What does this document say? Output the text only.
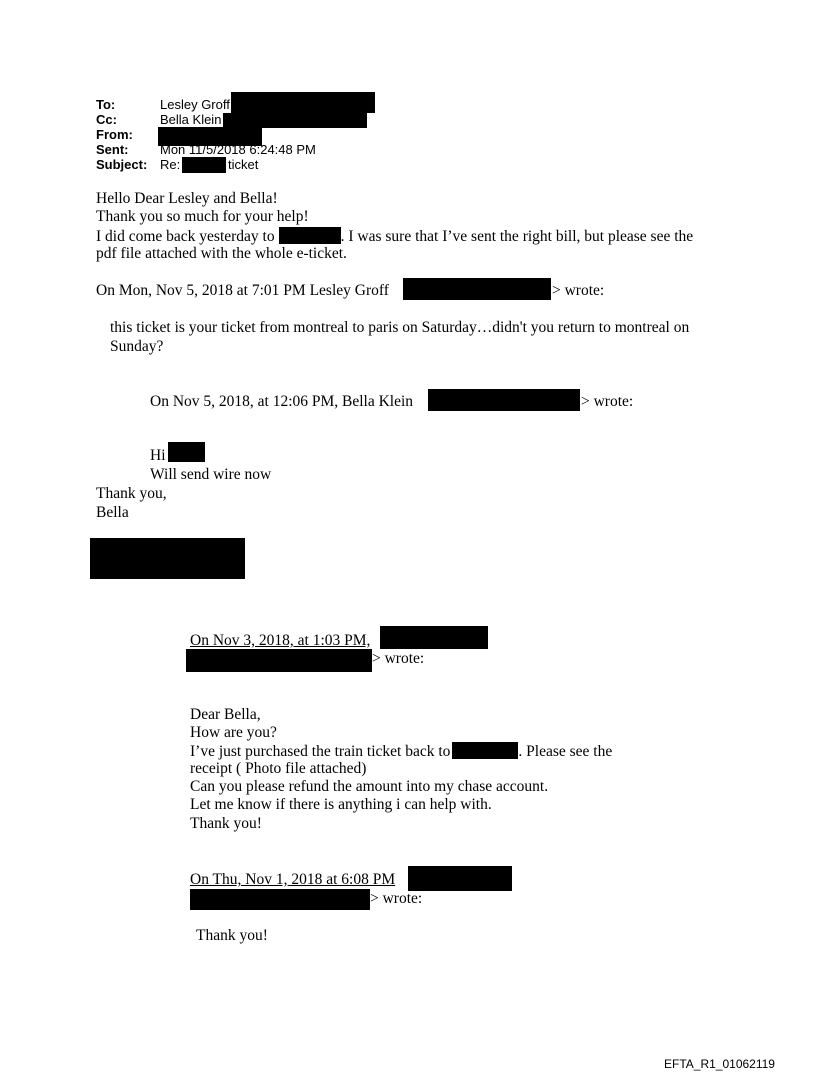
To:	Lesley Groff
Cc:	Bella Klein
From:
Sent: Mon 11/5/2018 6:24:48 PM
Subject: Re:	ticket
Hello Dear Lesley and Bella!
Thank you so much for your help!
I did come back yesterday to	. I was sure that I’ve sent the right bill, but please see the
pdf file attached with the whole e-ticket.
On Mon, Nov 5, 2018 at 7:01 PM Lesley Groff	> wrote:
this ticket is your ticket from montreal to paris on Saturday…didn't you return to montreal on
Sunday?
On Nov 5, 2018, at 12:06 PM, Bella Klein	> wrote:
Hi
Will send wire now
Thank you,
Bella
On Nov 3, 2018, at 1:03 PM,
> wrote:
Dear Bella,
How are you?
I’ve just purchased the train ticket back to	. Please see the
receipt ( Photo file attached)
Can you please refund the amount into my chase account.
Let me know if there is anything i can help with.
Thank you!
On Thu, Nov 1, 2018 at 6:08 PM
> wrote:
Thank you!
EFTA_R1_01062119
